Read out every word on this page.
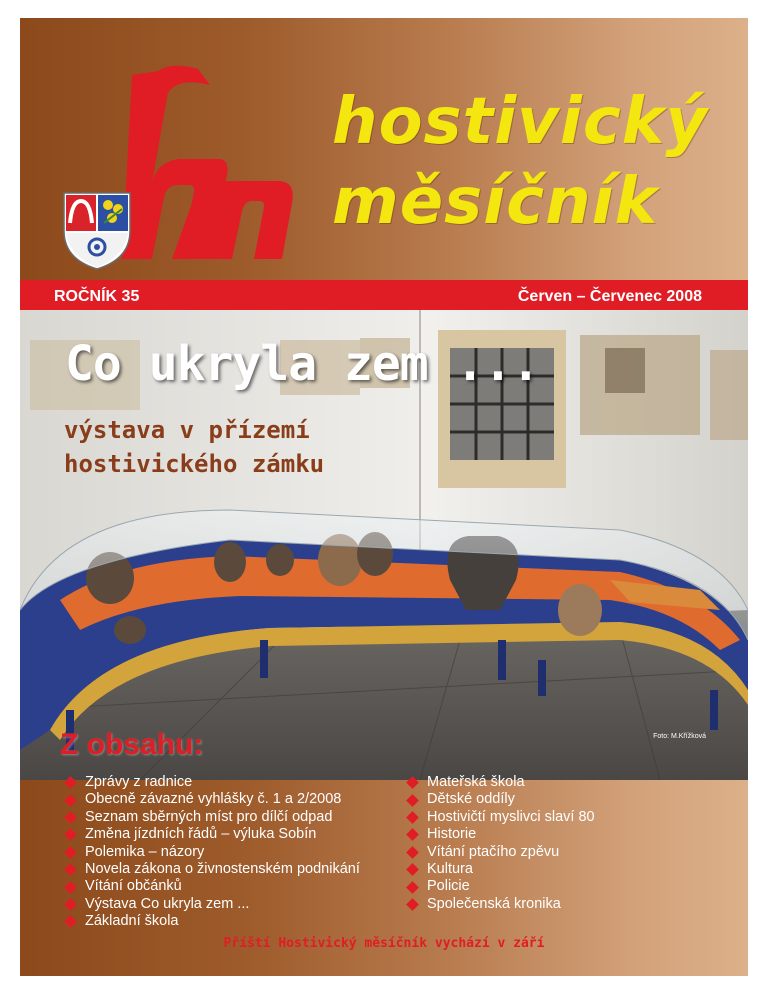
hostivický
měsíčník
ROČNÍK 35	Červen – Červenec 2008
Co ukryla zem ...
výstava v přízemí
hostivického zámku
Foto: M.Křížková
Z obsahu:
Zprávy z radnice
Obecně závazné vyhlášky č. 1 a 2/2008
Seznam sběrných míst pro dílčí odpad
Změna jízdních řádů – výluka Sobín
Polemika – názory
Novela zákona o živnostenském podnikání
Vítání občánků
Výstava Co ukryla zem ...
Základní škola
Mateřská škola
Dětské oddíly
Hostivičtí myslivci slaví 80
Historie
Vítání ptačího zpěvu
Kultura
Policie
Společenská kronika
Příští Hostivický měsíčník vychází v září
